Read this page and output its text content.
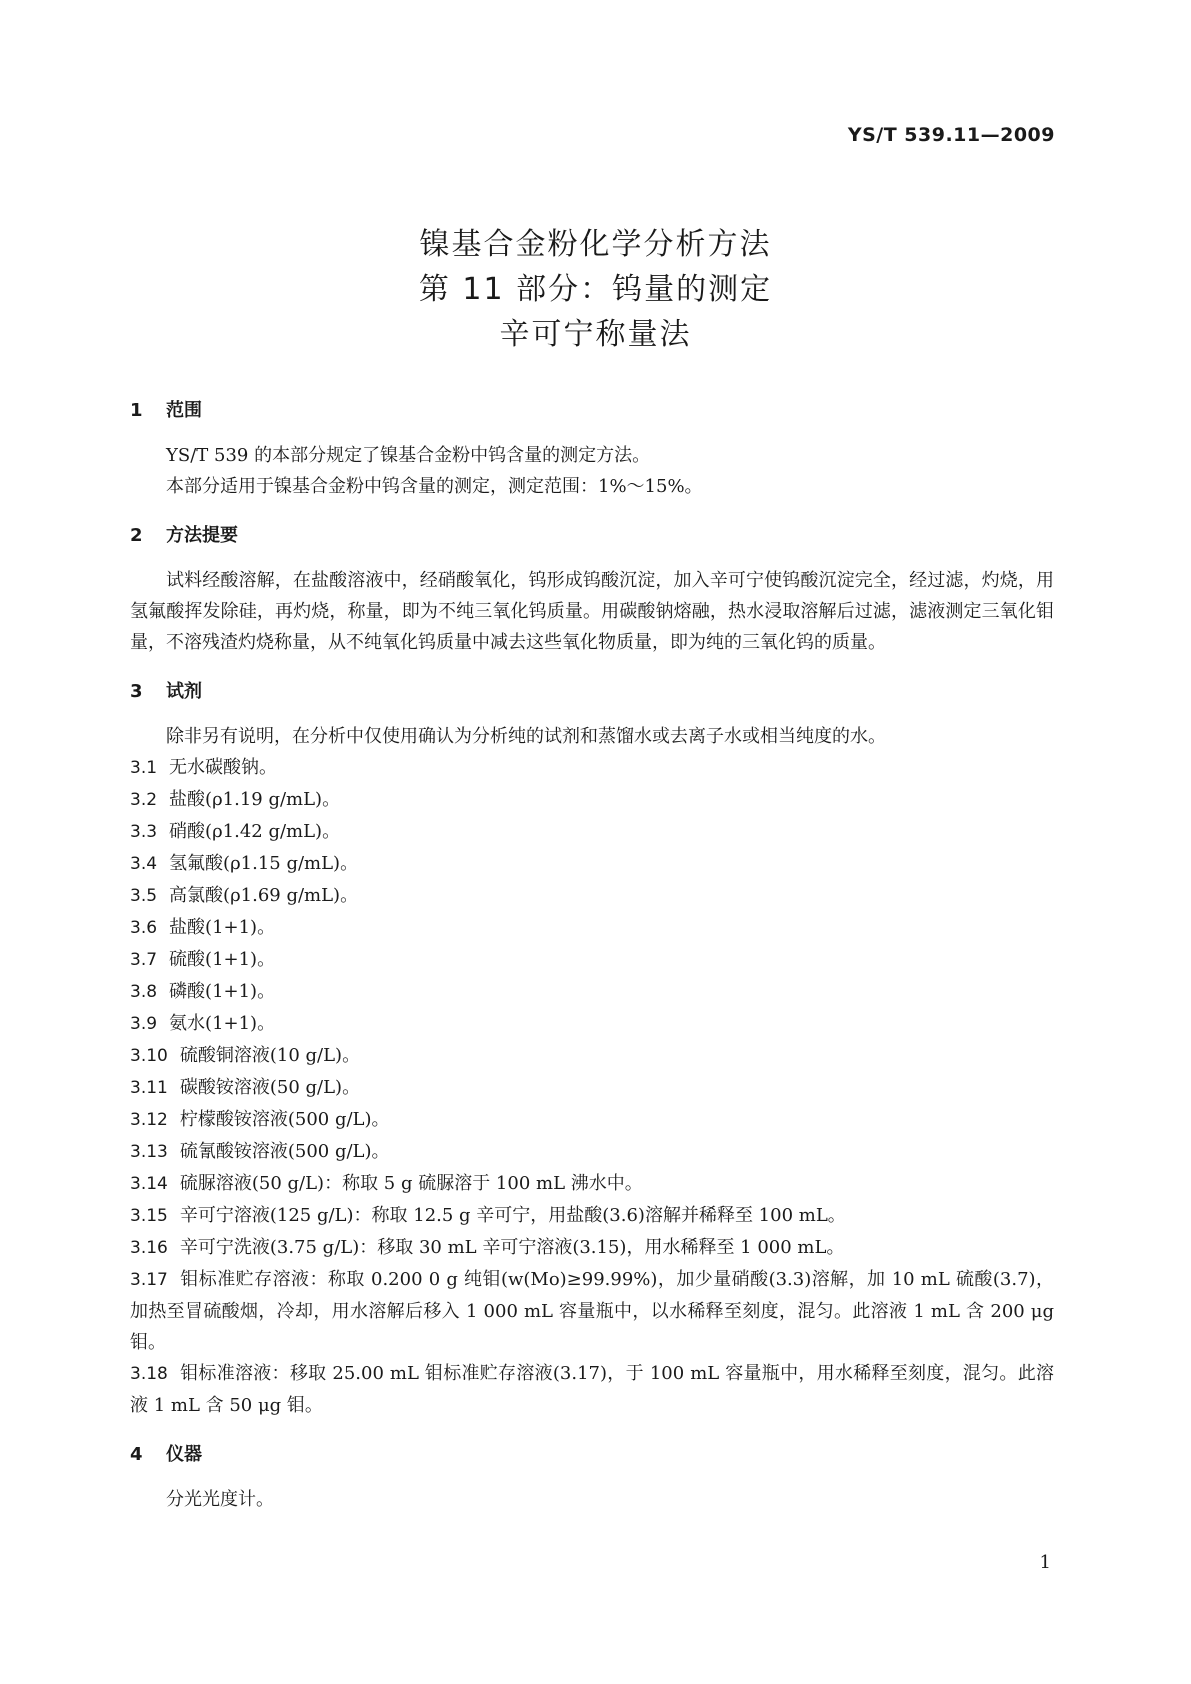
YS/T 539.11—2009
镍基合金粉化学分析方法
第 11 部分：钨量的测定
辛可宁称量法

1 范围

YS/T 539 的本部分规定了镍基合金粉中钨含量的测定方法。

本部分适用于镍基合金粉中钨含量的测定，测定范围：1%～15%。

2 方法提要

试料经酸溶解，在盐酸溶液中，经硝酸氧化，钨形成钨酸沉淀，加入辛可宁使钨酸沉淀完全，经过滤，灼烧，用氢氟酸挥发除硅，再灼烧，称量，即为不纯三氧化钨质量。用碳酸钠熔融，热水浸取溶解后过滤，滤液测定三氧化钼量，不溶残渣灼烧称量，从不纯氧化钨质量中减去这些氧化物质量，即为纯的三氧化钨的质量。

3 试剂

除非另有说明，在分析中仅使用确认为分析纯的试剂和蒸馏水或去离子水或相当纯度的水。

3.1 无水碳酸钠。

3.2 盐酸(ρ1.19 g/mL)。

3.3 硝酸(ρ1.42 g/mL)。

3.4 氢氟酸(ρ1.15 g/mL)。

3.5 高氯酸(ρ1.69 g/mL)。

3.6 盐酸(1+1)。

3.7 硫酸(1+1)。

3.8 磷酸(1+1)。

3.9 氨水(1+1)。

3.10 硫酸铜溶液(10 g/L)。

3.11 碳酸铵溶液(50 g/L)。

3.12 柠檬酸铵溶液(500 g/L)。

3.13 硫氰酸铵溶液(500 g/L)。

3.14 硫脲溶液(50 g/L)：称取 5 g 硫脲溶于 100 mL 沸水中。

3.15 辛可宁溶液(125 g/L)：称取 12.5 g 辛可宁，用盐酸(3.6)溶解并稀释至 100 mL。

3.16 辛可宁洗液(3.75 g/L)：移取 30 mL 辛可宁溶液(3.15)，用水稀释至 1 000 mL。

3.17 钼标准贮存溶液：称取 0.200 0 g 纯钼(w(Mo)≥99.99%)，加少量硝酸(3.3)溶解，加 10 mL 硫酸(3.7)，加热至冒硫酸烟，冷却，用水溶解后移入 1 000 mL 容量瓶中，以水稀释至刻度，混匀。此溶液 1 mL 含 200 μg 钼。

3.18 钼标准溶液：移取 25.00 mL 钼标准贮存溶液(3.17)，于 100 mL 容量瓶中，用水稀释至刻度，混匀。此溶液 1 mL 含 50 μg 钼。

4 仪器

分光光度计。

1
